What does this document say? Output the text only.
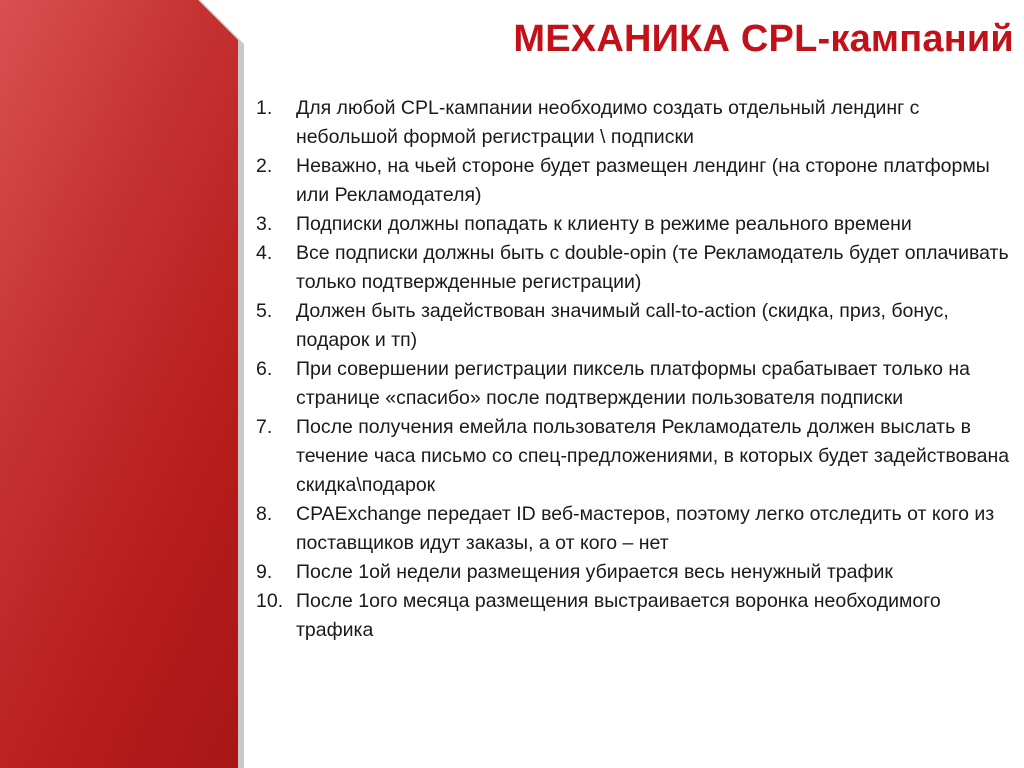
МЕХАНИКА CPL-кампаний
1.	Для любой CPL-кампании необходимо создать отдельный лендинг с небольшой формой регистрации \ подписки
2.	Неважно, на чьей стороне будет размещен лендинг (на стороне платформы или Рекламодателя)
3.	Подписки должны попадать к клиенту в режиме реального времени
4.	Все подписки должны быть с double-opin (те Рекламодатель будет оплачивать только подтвержденные регистрации)
5.	Должен быть задействован значимый call-to-action (скидка, приз, бонус, подарок и тп)
6.	При совершении регистрации пиксель платформы срабатывает только на странице «спасибо» после подтверждении пользователя подписки
7.	После получения емейла пользователя Рекламодатель должен выслать в течение часа письмо со спец-предложениями, в которых будет задействована скидка\подарок
8.	CPAExchange передает ID веб-мастеров, поэтому легко отследить от кого из поставщиков идут заказы, а от кого – нет
9.	После 1ой недели размещения убирается весь ненужный трафик
10. После 1ого месяца размещения выстраивается воронка необходимого трафика
